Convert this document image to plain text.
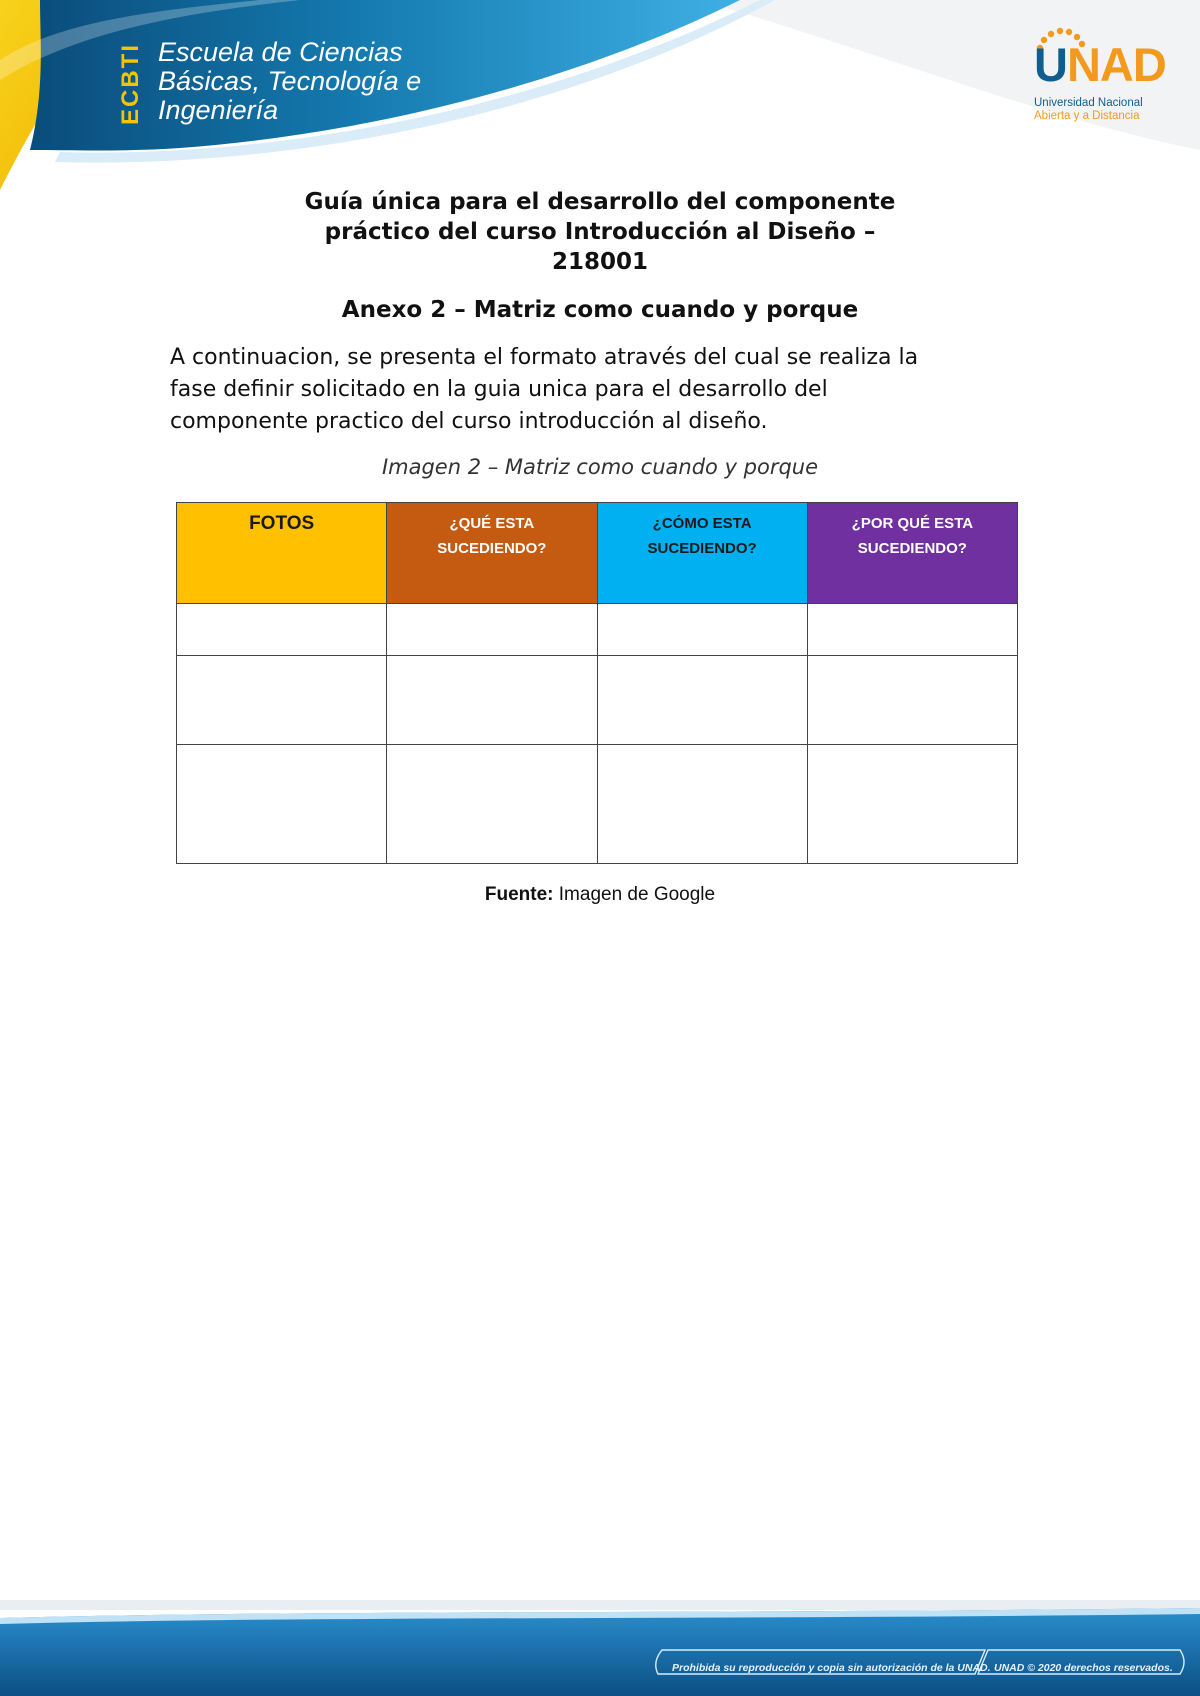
ECBTI Escuela de Ciencias
Básicas, Tecnología e
Ingeniería
UNAD
Universidad Nacional
Abierta y a Distancia
Guía única para el desarrollo del componente
práctico del curso Introducción al Diseño –
218001
Anexo 2 – Matriz como cuando y porque
A continuacion, se presenta el formato através del cual se realiza la
fase definir solicitado en la guia unica para el desarrollo del
componente practico del curso introducción al diseño.
Imagen 2 – Matriz como cuando y porque
FOTOS	¿QUÉ ESTA SUCEDIENDO?	¿CÓMO ESTA SUCEDIENDO?	¿POR QUÉ ESTA SUCEDIENDO?

Fuente: Imagen de Google
Prohibida su reproducción y copia sin autorización de la UNAD. UNAD © 2020 derechos reservados.
